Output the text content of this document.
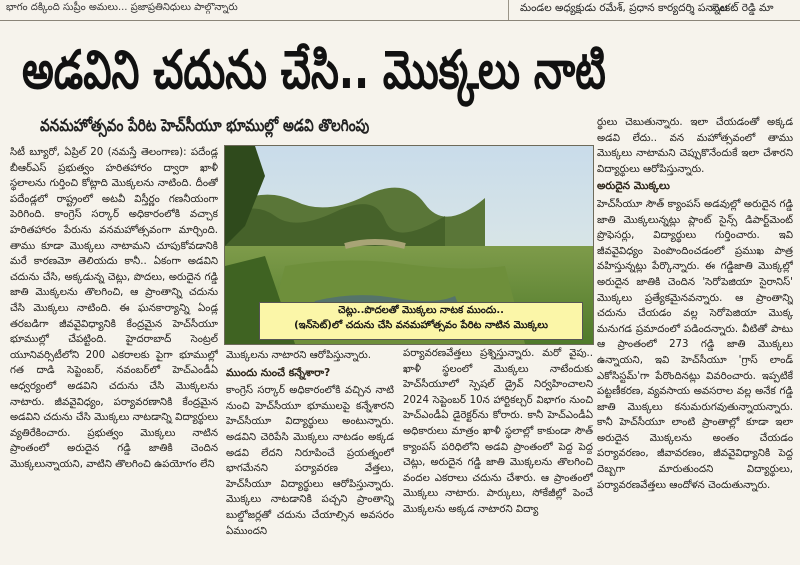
భాగం దక్కింది సుప్రీం అమలు... ప్రజాప్రతినిధులు పాల్గొన్నారు	మండల అధ్యక్షుడు రమేశ్, ప్రధాన కార్యదర్శి పన్నాల
వెంకట్ రెడ్డి మా
అడవిని చదును చేసి.. మొక్కలు నాటి
వనమహోత్సవం పేరిట హెచ్‌సీయూ భూముల్లో అడవి తొలగింపు

సిటీ బ్యూరో, ఏప్రిల్ 20 (నమస్తే తెలంగాణ): పదేండ్ల బీఆర్‌ఎస్ ప్రభుత్వం హరితహారం ద్వారా ఖాళీ స్థలాలను గుర్తించి కోట్లాది మొక్కలను నాటింది. దీంతో పదేండ్లలో రాష్ట్రంలో అటవీ విస్తీర్ణం గణనీయంగా పెరిగింది. కాంగ్రెస్ సర్కార్ అధికారంలోకి వచ్చాక హరితహారం పేరును వనమహోత్సవంగా మార్చింది. తాము కూడా మొక్కలు నాటామని చూపుకోవడానికి మరే కారణమో తెలియదు కానీ.. ఏకంగా అడవిని చదును చేసి, అక్కడున్న చెట్లు, పొదలు, అరుదైన గడ్డి జాతి మొక్కలను తొలగించి, ఆ ప్రాంతాన్ని చదును చేసి మొక్కలు నాటింది. ఈ ఘనకార్యాన్ని ఏండ్ల తరబడిగా జీవవైవిధ్యానికి కేంద్రమైన హెచ్‌సీయూ భూముల్లో చేపట్టింది. హైదరాబాద్ సెంట్రల్ యూనివర్సిటీలోని 200 ఎకరాలకు పైగా భూముల్లో గత దాడి సెప్టెంబర్, నవంబర్‌లో హెచ్‌ఎండీఏ ఆధ్వర్యంలో అడవిని చదును చేసి మొక్కలను నాటారు. జీవవైవిధ్యం, పర్యావరణానికి కేంద్రమైన అడవిని చదును చేసి మొక్కలు నాటడాన్ని విద్యార్థులు వ్యతిరేకించారు. ప్రభుత్వం మొక్కలు నాటిన ప్రాంతంలో అరుదైన గడ్డి జాతికి చెందిన మొక్కలున్నాయని, వాటిని తొలగించి ఉపయోగం లేని

చెట్లు..పొదలతో మొక్కలు నాటక ముందు..
(ఇన్‌సెట్)లో చదును చేసి వనమహోత్సవం పేరిట నాటిన మొక్కలు

మొక్కలను నాటారని ఆరోపిస్తున్నారు.

ముందు నుంచే కన్నేశారా?

కాంగ్రెస్ సర్కార్ అధికారంలోకి వచ్చిన నాటి నుంచి హెచ్‌సీయూ భూములపై కన్నేశారని హెచ్‌సీయూ విద్యార్థులు అంటున్నారు. అడవిని చెరిపేసి మొక్కలు నాటడం అక్కడ అడవి లేదని నిరూపించే ప్రయత్నంలో భాగమేనని పర్యావరణ వేత్తలు, హెచ్‌సీయూ విద్యార్థులు ఆరోపిస్తున్నారు. మొక్కలు నాటడానికి పచ్చని ప్రాంతాన్ని బుల్డోజర్లతో చదును చేయాల్సిన అవసరం ఏముందని

పర్యావరణవేత్తలు ప్రశ్నిస్తున్నారు. మరో వైపు.. ఖాళీ స్థలంలో మొక్కలు నాటేందుకు హెచ్‌సీయూలో స్పెషల్ డ్రైవ్ నిర్వహించాలని 2024 సెప్టెంబర్ 10న హార్టికల్చర్ విభాగం నుంచి హెచ్‌ఎండీఏ డైరెక్టర్‌ను కోరారు. కానీ హెచ్‌ఎండీఏ అధికారులు మాత్రం ఖాళీ స్థలాల్లో కాకుండా సౌత్ క్యాంపస్ పరిధిలోని అడవి ప్రాంతంలో పెద్ద పెద్ద చెట్లు, అరుదైన గడ్డి జాతి మొక్కలను తొలగించి వందల ఎకరాలు చదును చేశారు. ఆ ప్రాంతంలో మొక్కలు నాటారు. పార్కులు, సోకేజీల్లో పెంచే మొక్కలను అక్కడ నాటారని విద్యా

ర్థులు చెబుతున్నారు. ఇలా చేయడంతో అక్కడ అడవి లేదు.. వన మహోత్సవంలో తాము మొక్కలు నాటామని చెప్పుకొనేందుకే ఇలా చేశారని విద్యార్థులు ఆరోపిస్తున్నారు.

అరుదైన మొక్కలు

హెచ్‌సీయూ సౌత్ క్యాంపస్ అడవుల్లో అరుదైన గడ్డి జాతి మొక్కలున్నట్లు ప్లాంట్ సైన్స్ డిపార్ట్‌మెంట్ ప్రొఫెసర్లు, విద్యార్థులు గుర్తించారు. ఇవి జీవవైవిధ్యం పెంపొందించడంలో ప్రముఖ పాత్ర వహిస్తున్నట్లు పేర్కొన్నారు. ఈ గడ్డిజాతి మొక్కల్లో అరుదైన జాతికి చెందిన 'సెరోపెజియా సైరానిస్' మొక్కలు ప్రత్యేకమైనవన్నారు. ఆ ప్రాంతాన్ని చదును చేయడం వల్ల సెరోపెజియా మొక్క మనుగడ ప్రమాదంలో పడిందన్నారు. వీటితో పాటు ఆ ప్రాంతంలో 273 గడ్డి జాతి మొక్కలు ఉన్నాయని, ఇవి హెచ్‌సీయూ 'గ్రాస్ లాండ్ ఎకోసిస్టమ్'గా పేరొందినట్లు వివరించారు. ఇప్పటికే పట్టణీకరణ, వ్యవసాయ అవసరాల వల్ల అనేక గడ్డి జాతి మొక్కలు కనుమరుగవుతున్నాయన్నారు. కానీ హెచ్‌సీయూ లాంటి ప్రాంతాల్లో కూడా ఇలా అరుదైన మొక్కలను అంతం చేయడం పర్యావరణం, జీవావరణం, జీవవైవిధ్యానికి పెద్ద దెబ్బగా మారుతుందని విద్యార్థులు, పర్యావరణవేత్తలు ఆందోళన చెందుతున్నారు.
